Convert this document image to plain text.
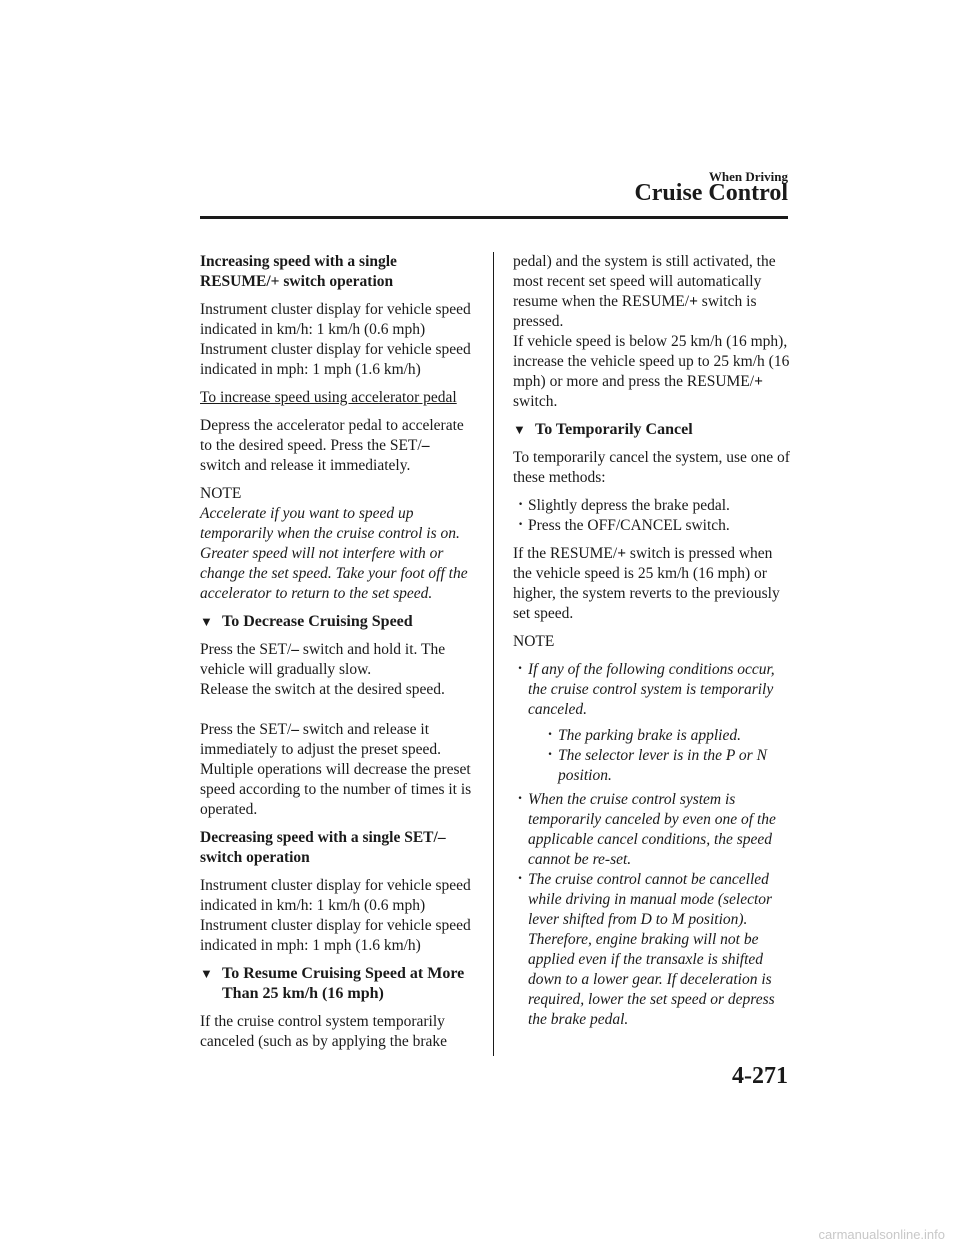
When Driving
Cruise Control
Increasing speed with a single RESUME/+ switch operation

Instrument cluster display for vehicle speed indicated in km/h: 1 km/h (0.6 mph) Instrument cluster display for vehicle speed indicated in mph: 1 mph (1.6 km/h)

To increase speed using accelerator pedal

Depress the accelerator pedal to accelerate to the desired speed. Press the SET/– switch and release it immediately.

NOTE

Accelerate if you want to speed up temporarily when the cruise control is on. Greater speed will not interfere with or change the set speed. Take your foot off the accelerator to return to the set speed.

▼ To Decrease Cruising Speed

Press the SET/– switch and hold it. The vehicle will gradually slow.

Release the switch at the desired speed.

Press the SET/– switch and release it immediately to adjust the preset speed. Multiple operations will decrease the preset speed according to the number of times it is operated.

Decreasing speed with a single SET/– switch operation

Instrument cluster display for vehicle speed indicated in km/h: 1 km/h (0.6 mph) Instrument cluster display for vehicle speed indicated in mph: 1 mph (1.6 km/h)

▼ To Resume Cruising Speed at More Than 25 km/h (16 mph)

If the cruise control system temporarily canceled (such as by applying the brake

pedal) and the system is still activated, the most recent set speed will automatically resume when the RESUME/+ switch is pressed.

If vehicle speed is below 25 km/h (16 mph), increase the vehicle speed up to 25 km/h (16 mph) or more and press the RESUME/+ switch.

▼ To Temporarily Cancel

To temporarily cancel the system, use one of these methods:

· Slightly depress the brake pedal.
· Press the OFF/CANCEL switch.

If the RESUME/+ switch is pressed when the vehicle speed is 25 km/h (16 mph) or higher, the system reverts to the previously set speed.

NOTE
· If any of the following conditions occur, the cruise control system is temporarily canceled.
· The parking brake is applied.
· The selector lever is in the P or N position.
· When the cruise control system is temporarily canceled by even one of the applicable cancel conditions, the speed cannot be re-set.
· The cruise control cannot be cancelled while driving in manual mode (selector lever shifted from D to M position). Therefore, engine braking will not be applied even if the transaxle is shifted down to a lower gear. If deceleration is required, lower the set speed or depress the brake pedal.
4-271
carmanualsonline.info
